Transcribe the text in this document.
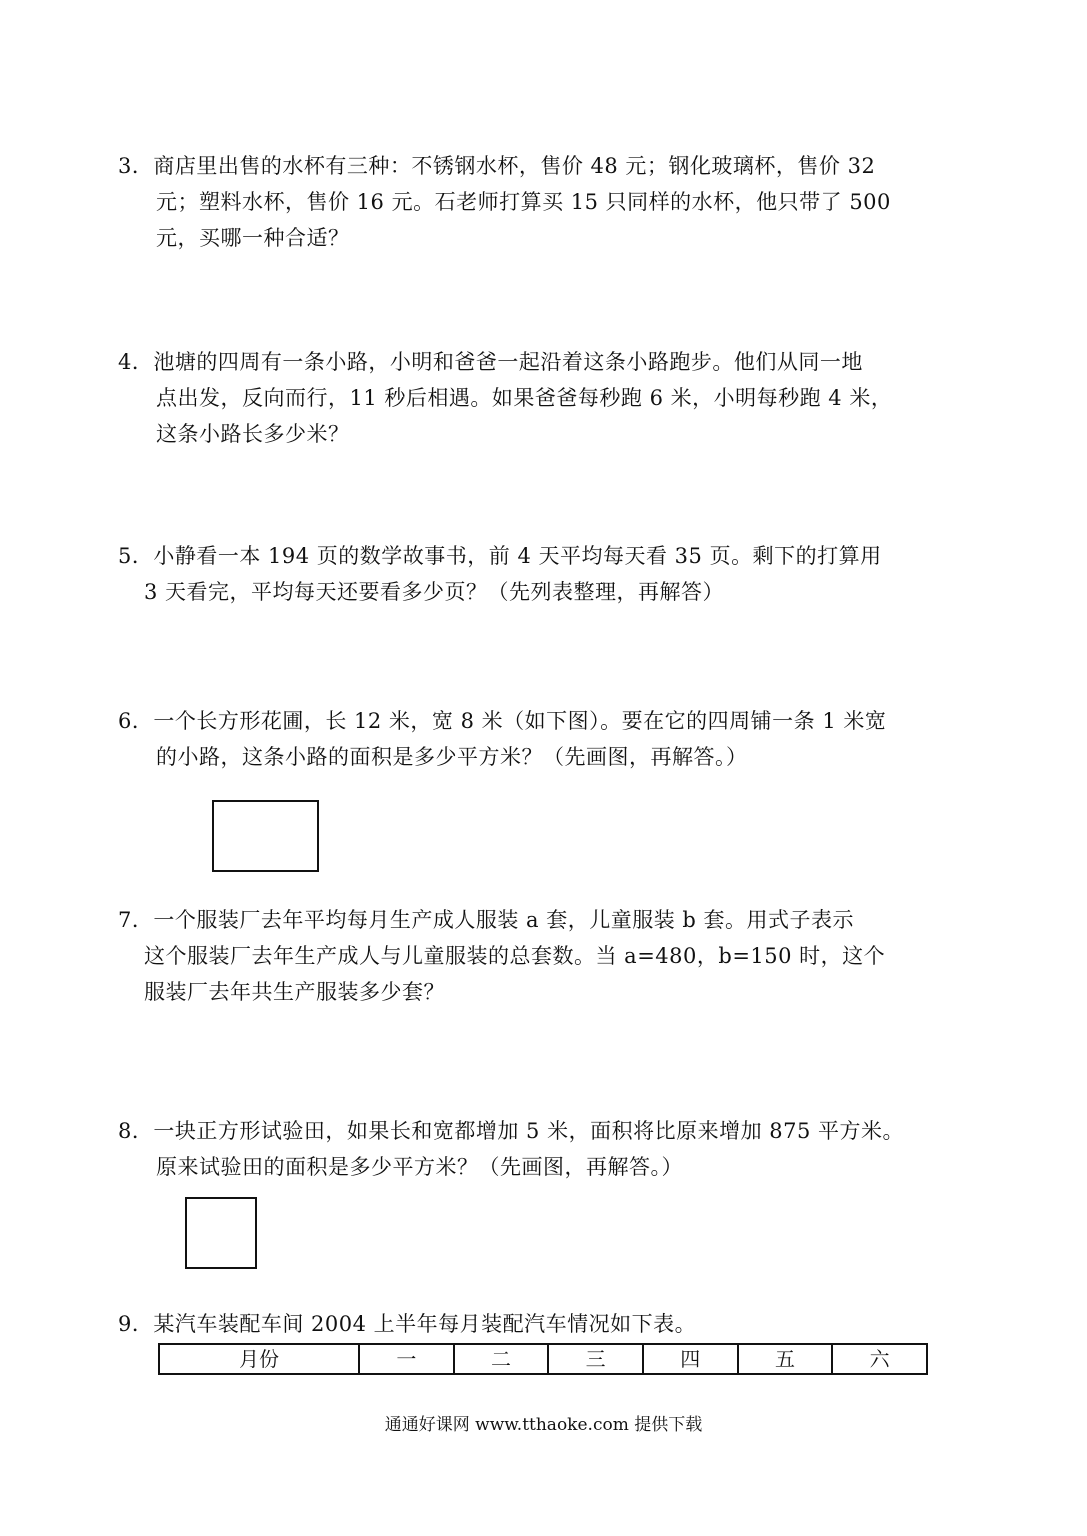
3．商店里出售的水杯有三种：不锈钢水杯，售价 48 元；钢化玻璃杯，售价 32
元；塑料水杯，售价 16 元。石老师打算买 15 只同样的水杯，他只带了 500
元，买哪一种合适？
4．池塘的四周有一条小路，小明和爸爸一起沿着这条小路跑步。他们从同一地
点出发，反向而行，11 秒后相遇。如果爸爸每秒跑 6 米，小明每秒跑 4 米，
这条小路长多少米？
5．小静看一本 194 页的数学故事书，前 4 天平均每天看 35 页。剩下的打算用
3 天看完，平均每天还要看多少页？（先列表整理，再解答）
6．一个长方形花圃，长 12 米，宽 8 米（如下图）。要在它的四周铺一条 1 米宽
的小路，这条小路的面积是多少平方米？（先画图，再解答。）
7．一个服装厂去年平均每月生产成人服装 a 套，儿童服装 b 套。用式子表示
这个服装厂去年生产成人与儿童服装的总套数。当 a=480，b=150 时，这个
服装厂去年共生产服装多少套？
8．一块正方形试验田，如果长和宽都增加 5 米，面积将比原来增加 875 平方米。
原来试验田的面积是多少平方米？（先画图，再解答。）
9．某汽车装配车间 2004 上半年每月装配汽车情况如下表。
月份	一	二	三	四	五	六
通通好课网 www.tthaoke.com 提供下载
